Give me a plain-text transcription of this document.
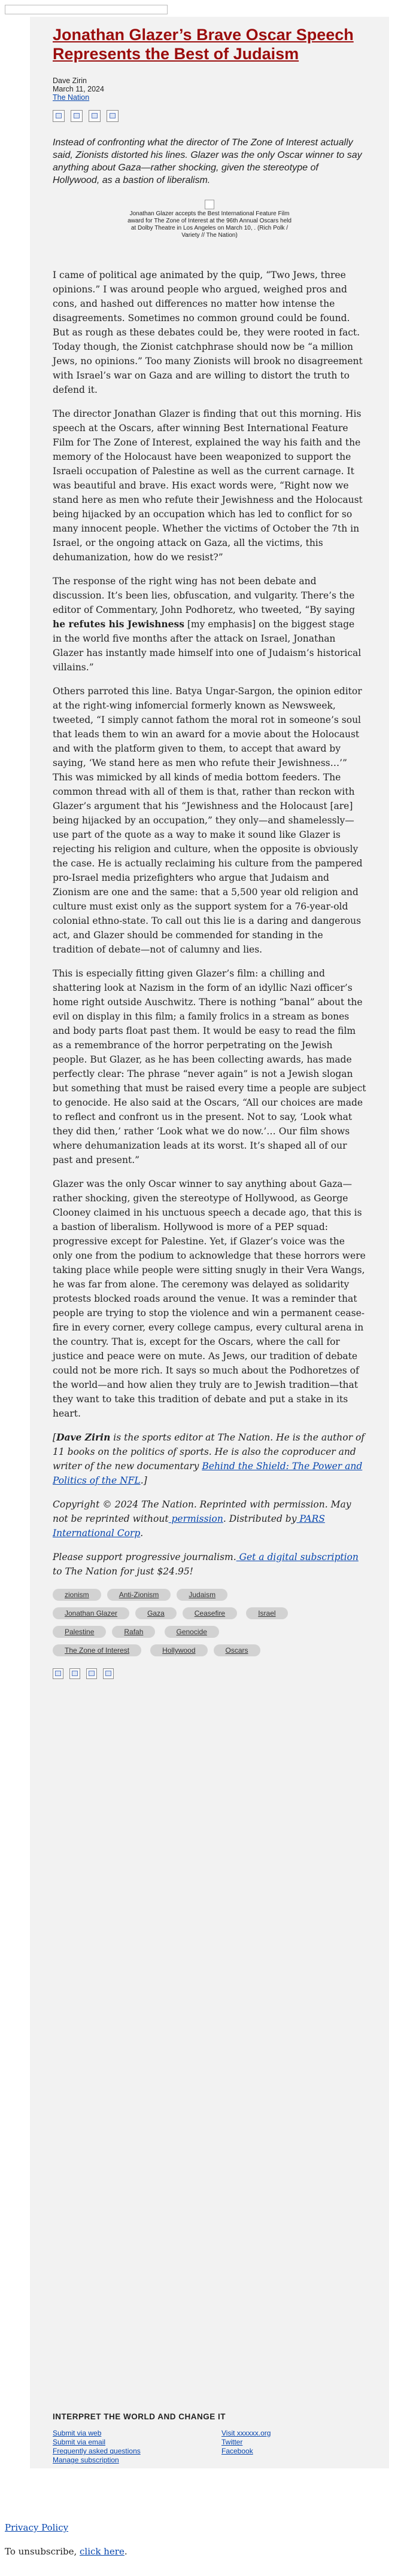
Jonathan Glazer’s Brave Oscar Speech Represents the Best of Judaism
Dave Zirin
March 11, 2024
The Nation
Instead of confronting what the director of The Zone of Interest actually said, Zionists distorted his lines. Glazer was the only Oscar winner to say anything about Gaza—rather shocking, given the stereotype of Hollywood, as a bastion of liberalism.
Jonathan Glazer accepts the Best International Feature Film award for The Zone of Interest at the 96th Annual Oscars held at Dolby Theatre in Los Angeles on March 10, . (Rich Polk / Variety // The Nation)

I came of political age animated by the quip, “Two Jews, three opinions.” I was around people who argued, weighed pros and cons, and hashed out differences no matter how intense the disagreements. Sometimes no common ground could be found. But as rough as these debates could be, they were rooted in fact. Today though, the Zionist catchphrase should now be “a million Jews, no opinions.” Too many Zionists will brook no disagreement with Israel’s war on Gaza and are willing to distort the truth to defend it.

The director Jonathan Glazer is finding that out this morning. His speech at the Oscars, after winning Best International Feature Film for The Zone of Interest, explained the way his faith and the memory of the Holocaust have been weaponized to support the Israeli occupation of Palestine as well as the current carnage. It was beautiful and brave. His exact words were, “Right now we stand here as men who refute their Jewishness and the Holocaust being hijacked by an occupation which has led to conflict for so many innocent people. Whether the victims of October the 7th in Israel, or the ongoing attack on Gaza, all the victims, this dehumanization, how do we resist?”

The response of the right wing has not been debate and discussion. It’s been lies, obfuscation, and vulgarity. There’s the editor of Commentary, John Podhoretz, who tweeted, “By saying he refutes his Jewishness [my emphasis] on the biggest stage in the world five months after the attack on Israel, Jonathan Glazer has instantly made himself into one of Judaism’s historical villains.”

Others parroted this line. Batya Ungar-Sargon, the opinion editor at the right-wing infomercial formerly known as Newsweek, tweeted, “I simply cannot fathom the moral rot in someone’s soul that leads them to win an award for a movie about the Holocaust and with the platform given to them, to accept that award by saying, ‘We stand here as men who refute their Jewishness…’” This was mimicked by all kinds of media bottom feeders. The common thread with all of them is that, rather than reckon with Glazer’s argument that his “Jewishness and the Holocaust [are] being hijacked by an occupation,” they only—and shamelessly—use part of the quote as a way to make it sound like Glazer is rejecting his religion and culture, when the opposite is obviously the case. He is actually reclaiming his culture from the pampered pro-Israel media prizefighters who argue that Judaism and Zionism are one and the same: that a 5,500 year old religion and culture must exist only as the support system for a 76-year-old colonial ethno-state. To call out this lie is a daring and dangerous act, and Glazer should be commended for standing in the tradition of debate—not of calumny and lies.

This is especially fitting given Glazer’s film: a chilling and shattering look at Nazism in the form of an idyllic Nazi officer’s home right outside Auschwitz. There is nothing “banal” about the evil on display in this film; a family frolics in a stream as bones and body parts float past them. It would be easy to read the film as a remembrance of the horror perpetrating on the Jewish people. But Glazer, as he has been collecting awards, has made perfectly clear: The phrase “never again” is not a Jewish slogan but something that must be raised every time a people are subject to genocide. He also said at the Oscars, “All our choices are made to reflect and confront us in the present. Not to say, ‘Look what they did then,’ rather ‘Look what we do now.’… Our film shows where dehumanization leads at its worst. It’s shaped all of our past and present.”

Glazer was the only Oscar winner to say anything about Gaza—rather shocking, given the stereotype of Hollywood, as George Clooney claimed in his unctuous speech a decade ago, that this is a bastion of liberalism. Hollywood is more of a PEP squad: progressive except for Palestine. Yet, if Glazer’s voice was the only one from the podium to acknowledge that these horrors were taking place while people were sitting snugly in their Vera Wangs, he was far from alone. The ceremony was delayed as solidarity protests blocked roads around the venue. It was a reminder that people are trying to stop the violence and win a permanent cease-fire in every corner, every college campus, every cultural arena in the country. That is, except for the Oscars, where the call for justice and peace were on mute. As Jews, our tradition of debate could not be more rich. It says so much about the Podhoretzes of the world—and how alien they truly are to Jewish tradition—that they want to take this tradition of debate and put a stake in its heart.

[Dave Zirin is the sports editor at The Nation. He is the author of 11 books on the politics of sports. He is also the coproducer and writer of the new documentary Behind the Shield: The Power and Politics of the NFL.]

Copyright © 2024 The Nation. Reprinted with permission. May not be reprinted without permission. Distributed by PARS International Corp.

Please support progressive journalism. Get a digital subscription to The Nation for just $24.95!

zionism	Anti-Zionism	Judaism Jonathan Glazer	Gaza	Ceasefire	IsraelPalestine	Rafah	GenocideThe Zone of Interest	Hollywood	Oscars
INTERPRET THE WORLD AND CHANGE IT
Submit via web
Submit via email
Frequently asked questions
Manage subscription
Visit xxxxxx.org
Twitter
Facebook
Privacy Policy
To unsubscribe, click here.
